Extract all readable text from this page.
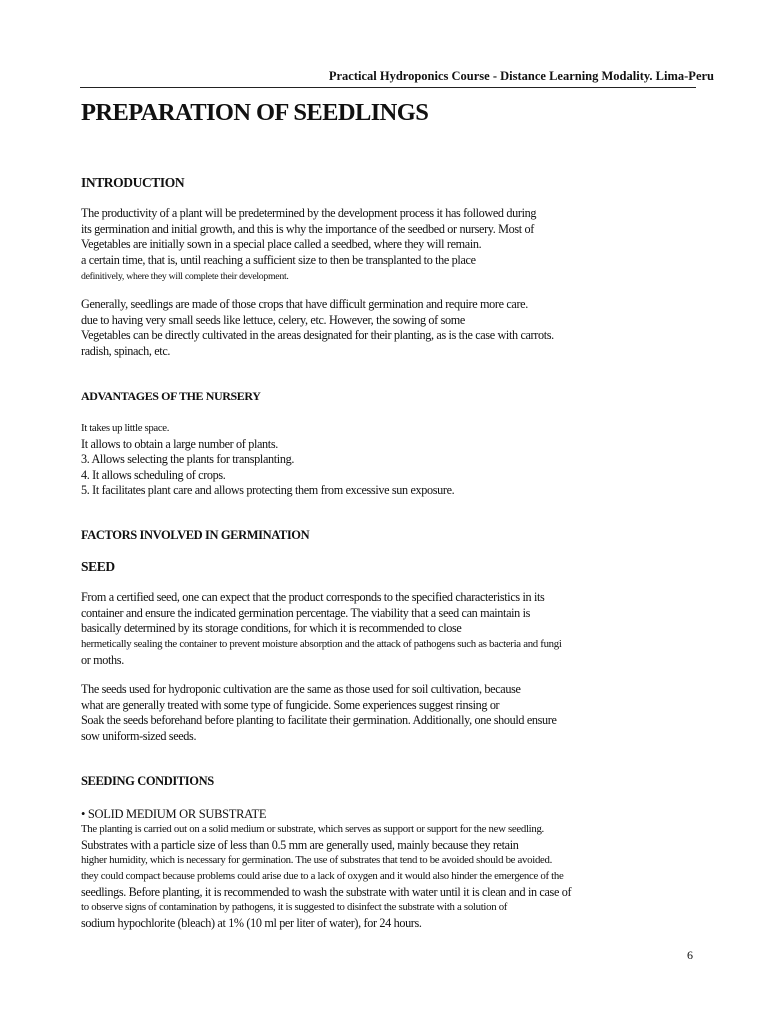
Practical Hydroponics Course - Distance Learning Modality. Lima-Peru
PREPARATION OF SEEDLINGS
INTRODUCTION
The productivity of a plant will be predetermined by the development process it has followed during
its germination and initial growth, and this is why the importance of the seedbed or nursery. Most of
Vegetables are initially sown in a special place called a seedbed, where they will remain.
a certain time, that is, until reaching a sufficient size to then be transplanted to the place
definitively, where they will complete their development.
Generally, seedlings are made of those crops that have difficult germination and require more care.
due to having very small seeds like lettuce, celery, etc. However, the sowing of some
Vegetables can be directly cultivated in the areas designated for their planting, as is the case with carrots.
radish, spinach, etc.
ADVANTAGES OF THE NURSERY
It takes up little space.
It allows to obtain a large number of plants.
3. Allows selecting the plants for transplanting.
4. It allows scheduling of crops.
5. It facilitates plant care and allows protecting them from excessive sun exposure.
FACTORS INVOLVED IN GERMINATION
SEED
From a certified seed, one can expect that the product corresponds to the specified characteristics in its
container and ensure the indicated germination percentage. The viability that a seed can maintain is
basically determined by its storage conditions, for which it is recommended to close
hermetically sealing the container to prevent moisture absorption and the attack of pathogens such as bacteria and fungi
or moths.
The seeds used for hydroponic cultivation are the same as those used for soil cultivation, because
what are generally treated with some type of fungicide. Some experiences suggest rinsing or
Soak the seeds beforehand before planting to facilitate their germination. Additionally, one should ensure
sow uniform-sized seeds.
SEEDING CONDITIONS
• SOLID MEDIUM OR SUBSTRATE
The planting is carried out on a solid medium or substrate, which serves as support or support for the new seedling.
Substrates with a particle size of less than 0.5 mm are generally used, mainly because they retain
higher humidity, which is necessary for germination. The use of substrates that tend to be avoided should be avoided.
they could compact because problems could arise due to a lack of oxygen and it would also hinder the emergence of the
seedlings. Before planting, it is recommended to wash the substrate with water until it is clean and in case of
to observe signs of contamination by pathogens, it is suggested to disinfect the substrate with a solution of
sodium hypochlorite (bleach) at 1% (10 ml per liter of water), for 24 hours.
6
